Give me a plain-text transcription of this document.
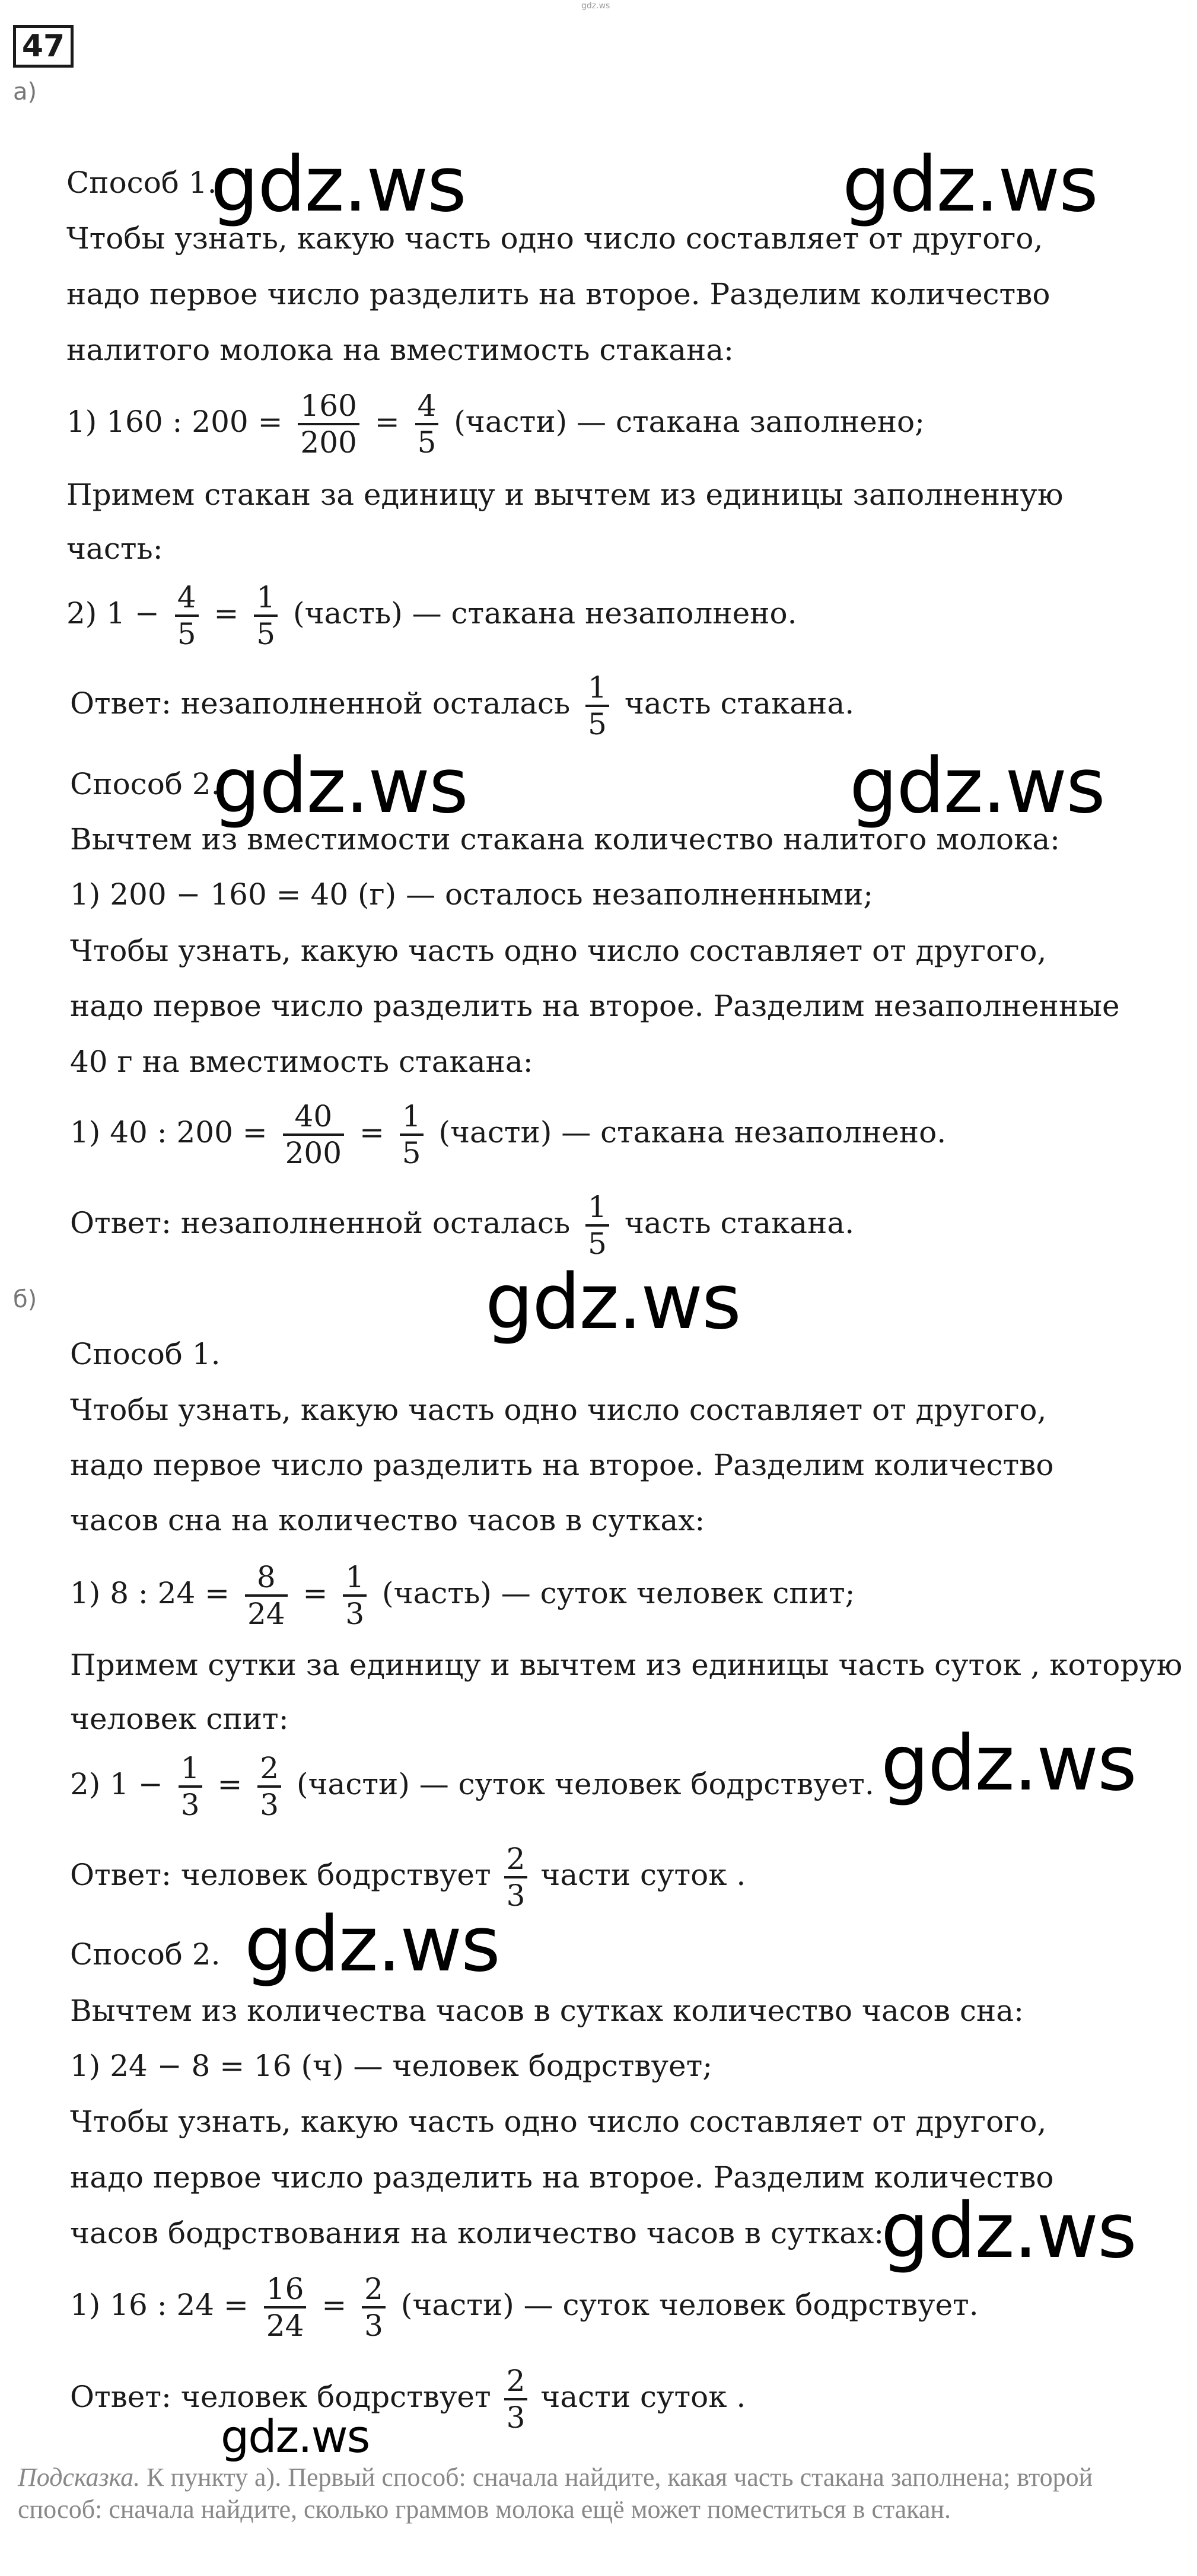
gdz.ws
47
а)
Способ 1.
Чтобы узнать, какую часть одно число составляет от другого,
надо первое число разделить на второе. Разделим количество
налитого молока на вместимость стакана:
1) 160 : $200 = \frac{160}{200} = \frac{4}{5}$ (части) — стакана заполнено;
Примем стакан за единицу и вычтем из единицы заполненную
часть:
2) $1 - \frac{4}{5} = \frac{1}{5}$ (часть) — стакана незаполнено.
Ответ: незаполненной осталась $\frac{1}{5}$ часть стакана.
Способ 2.
Вычтем из вместимости стакана количество налитого молока:
1) 200 − 160 = 40 (г) — осталось незаполненными;
Чтобы узнать, какую часть одно число составляет от другого,
надо первое число разделить на второе. Разделим незаполненные
40 г на вместимость стакана:
1) 40 : $200 = \frac{40}{200} = \frac{1}{5}$ (части) — стакана незаполнено.
Ответ: незаполненной осталась $\frac{1}{5}$ часть стакана.
б)
Способ 1.
Чтобы узнать, какую часть одно число составляет от другого,
надо первое число разделить на второе. Разделим количество
часов сна на количество часов в сутках:
1) 8 : $24 = \frac{8}{24} = \frac{1}{3}$ (часть) — суток человек спит;
Примем сутки за единицу и вычтем из единицы часть суток , которую
человек спит:
2) $1 - \frac{1}{3} = \frac{2}{3}$ (части) — суток человек бодрствует.
Ответ: человек бодрствует $\frac{2}{3}$ части суток .
Способ 2.
Вычтем из количества часов в сутках количество часов сна:
1) 24 − 8 = 16 (ч) — человек бодрствует;
Чтобы узнать, какую часть одно число составляет от другого,
надо первое число разделить на второе. Разделим количество
часов бодрствования на количество часов в сутках:
1) 16 : $24 = \frac{16}{24} = \frac{2}{3}$ (части) — суток человек бодрствует.
Ответ: человек бодрствует $\frac{2}{3}$ части суток .
Подсказка. К пункту а). Первый способ: сначала найдите, какая часть стакана заполнена; второй способ: сначала найдите, сколько граммов молока ещё может поместиться в стакан.
gdz.ws	gdz.ws
gdz.ws	gdz.ws
gdz.ws
gdz.ws
gdz.ws
gdz.ws
gdz.ws
